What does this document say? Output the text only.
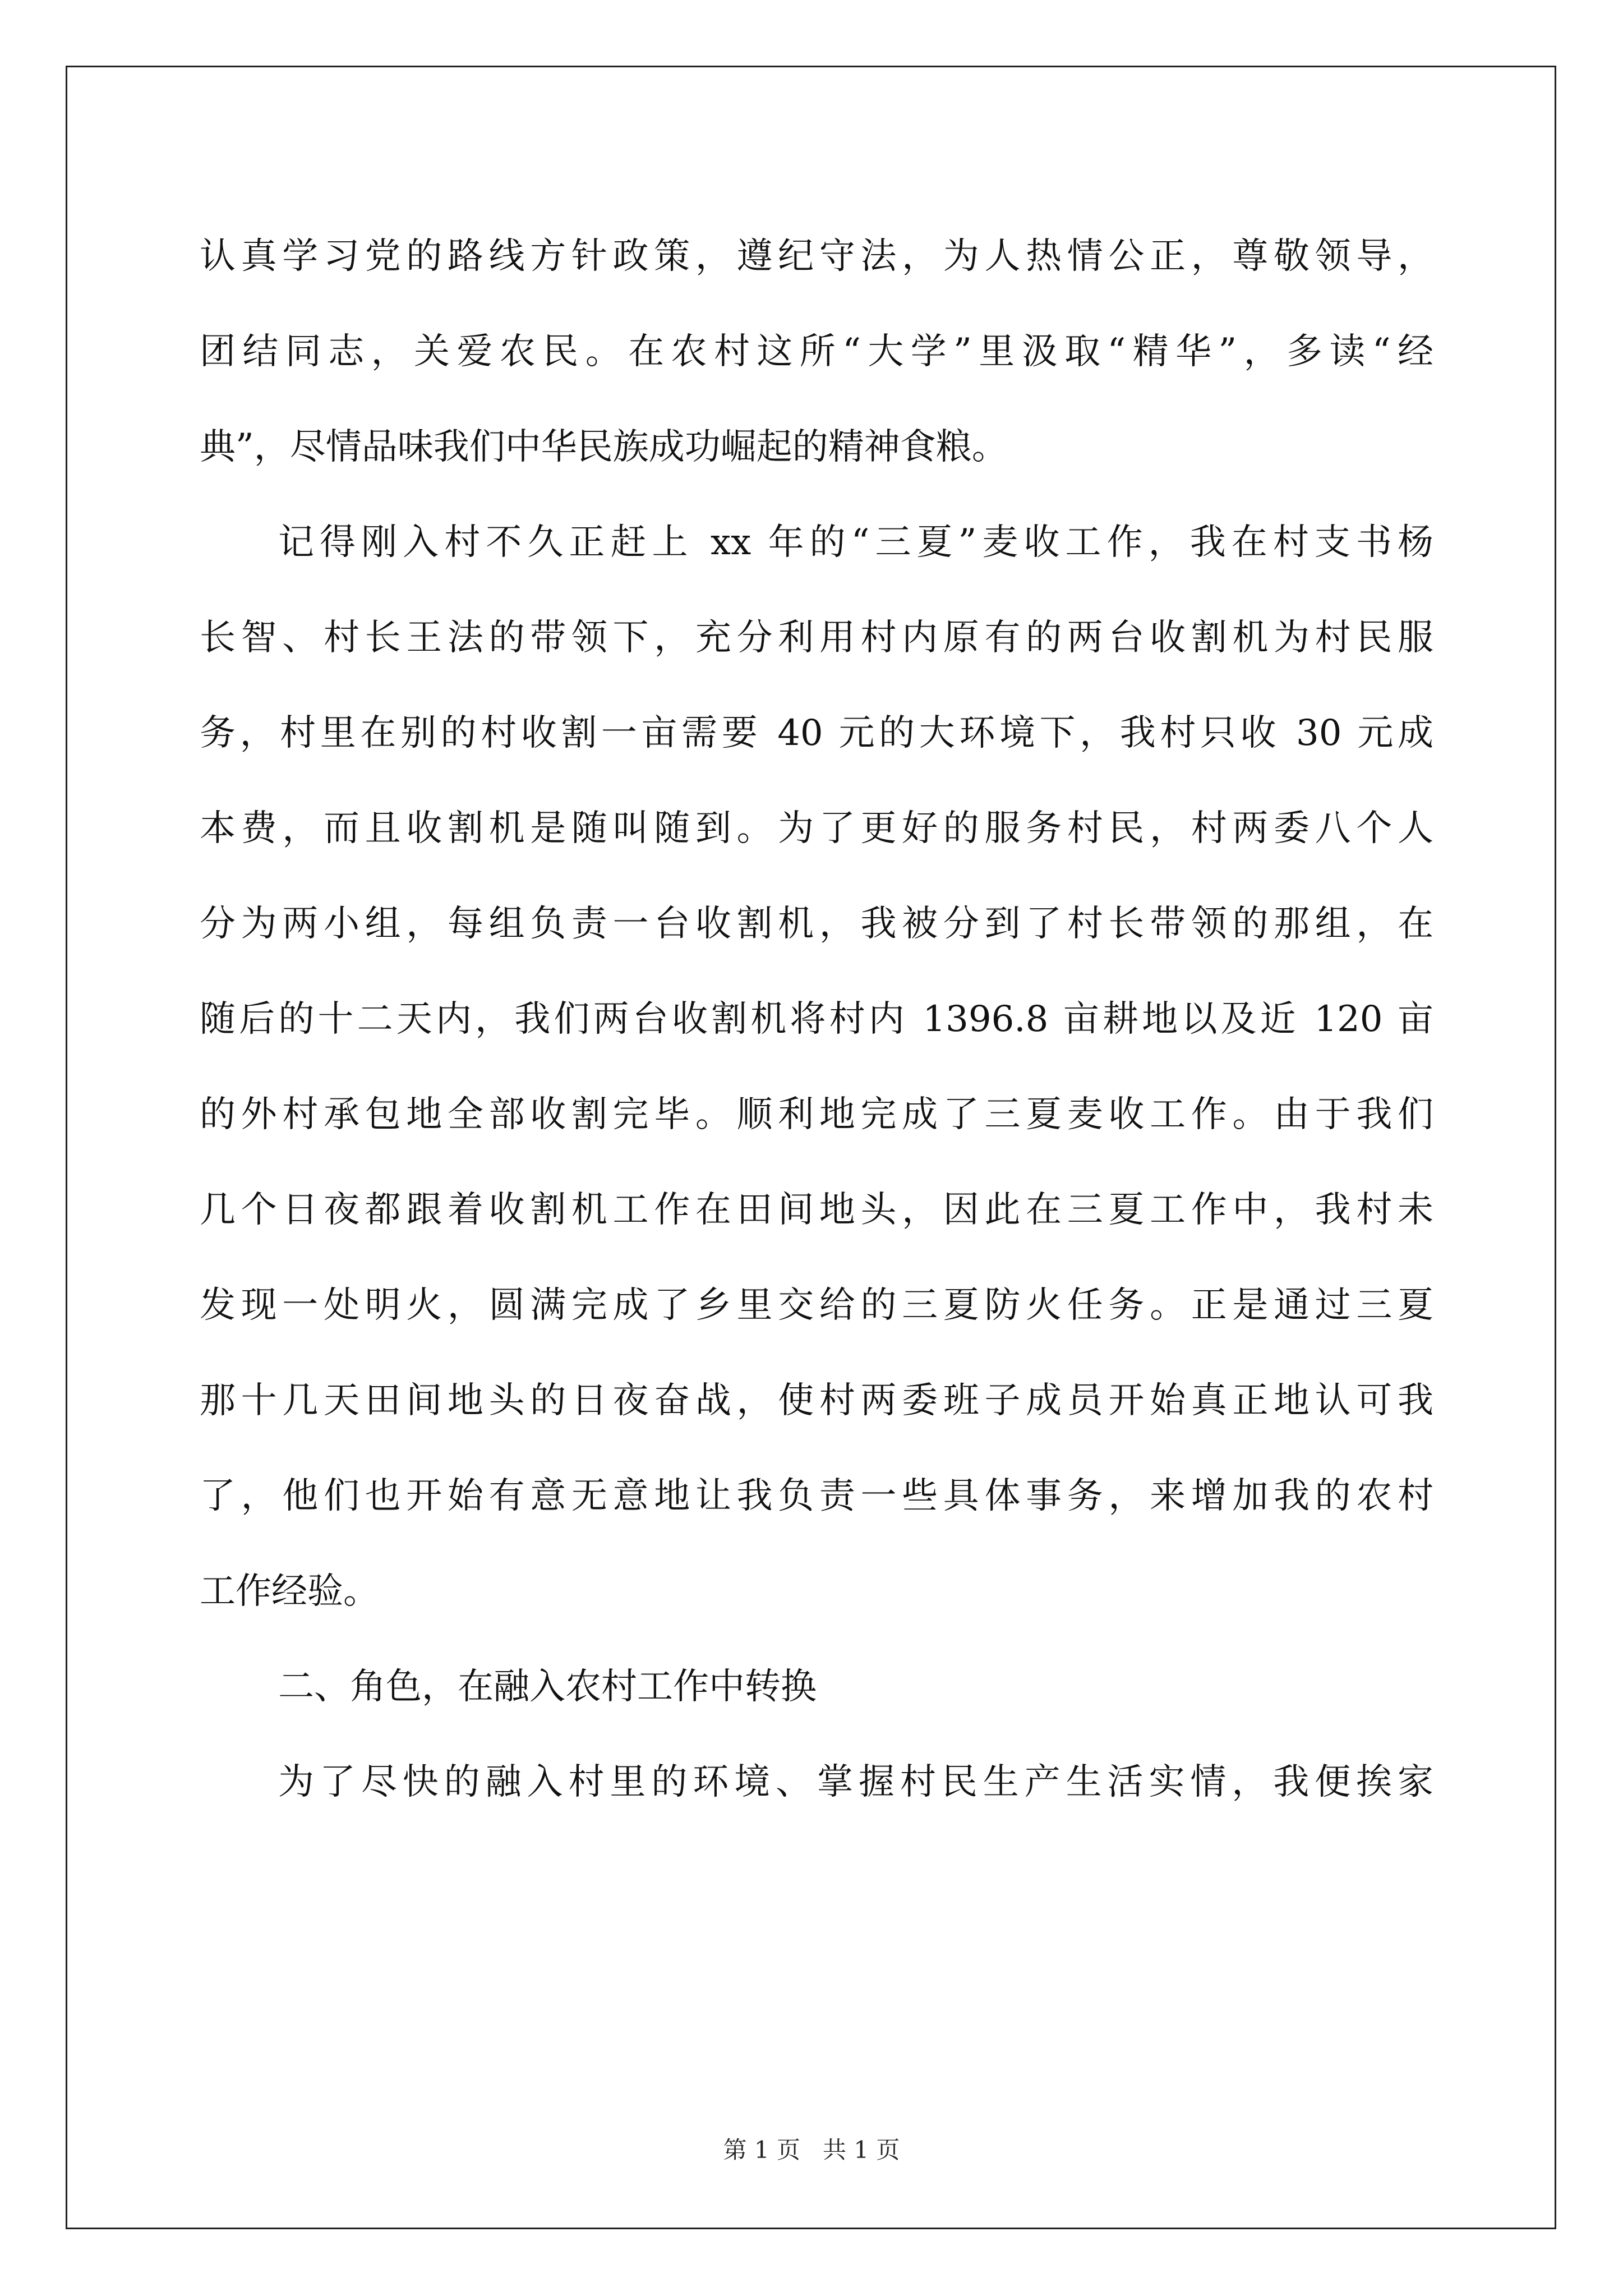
认真学习党的路线方针政策，遵纪守法，为人热情公正，尊敬领导，
团结同志，关爱农民。在农村这所“大学”里汲取“精华”，多读“经
典”，尽情品味我们中华民族成功崛起的精神食粮。
记得刚入村不久正赶上 xx 年的“三夏”麦收工作，我在村支书杨
长智、村长王法的带领下，充分利用村内原有的两台收割机为村民服
务，村里在别的村收割一亩需要 40 元的大环境下，我村只收 30 元成
本费，而且收割机是随叫随到。为了更好的服务村民，村两委八个人
分为两小组，每组负责一台收割机，我被分到了村长带领的那组，在
随后的十二天内，我们两台收割机将村内 1396.8 亩耕地以及近 120 亩
的外村承包地全部收割完毕。顺利地完成了三夏麦收工作。由于我们
几个日夜都跟着收割机工作在田间地头，因此在三夏工作中，我村未
发现一处明火，圆满完成了乡里交给的三夏防火任务。正是通过三夏
那十几天田间地头的日夜奋战，使村两委班子成员开始真正地认可我
了，他们也开始有意无意地让我负责一些具体事务，来增加我的农村
工作经验。
二、角色，在融入农村工作中转换
为了尽快的融入村里的环境、掌握村民生产生活实情，我便挨家
第 1 页 共 1 页
